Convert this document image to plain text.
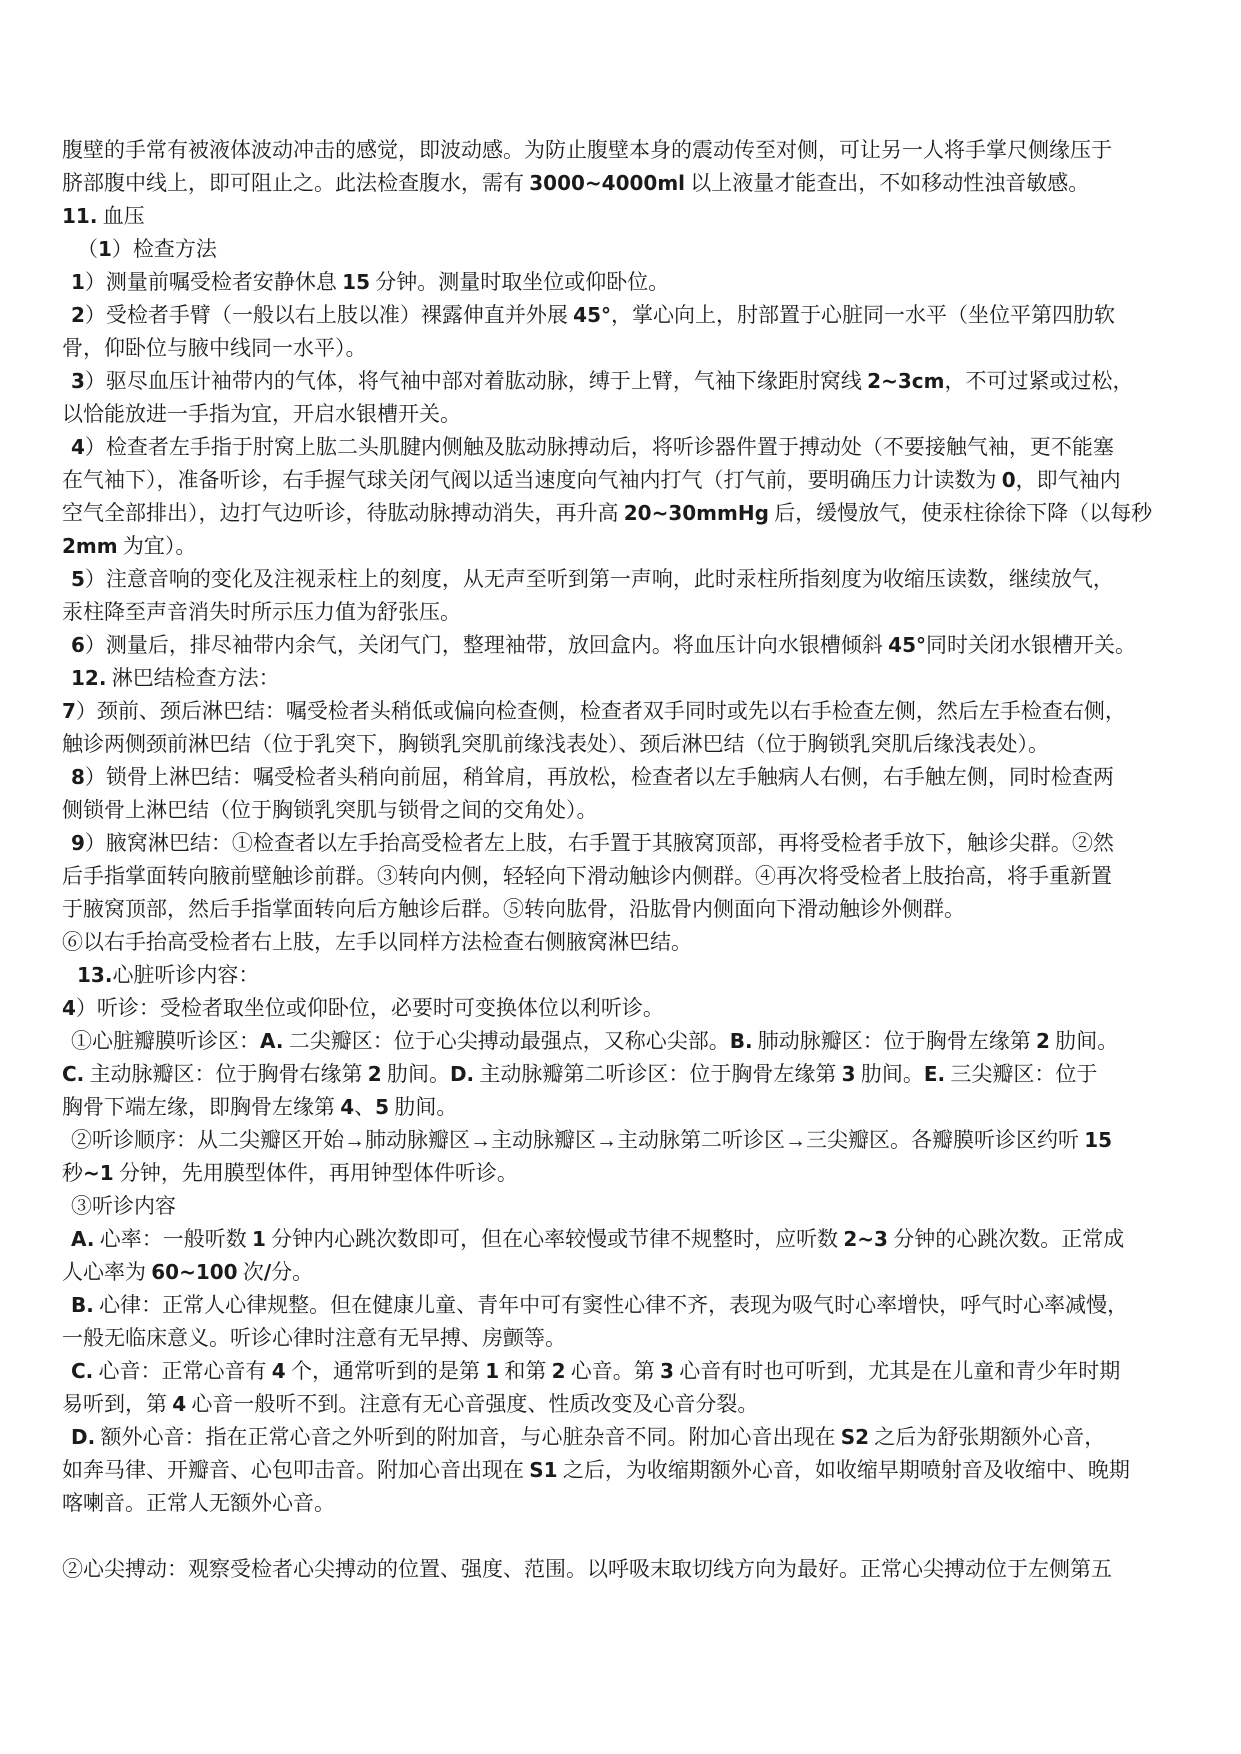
腹壁的手常有被液体波动冲击的感觉，即波动感。为防止腹壁本身的震动传至对侧，可让另一人将手掌尺侧缘压于
脐部腹中线上，即可阻止之。此法检查腹水，需有 3000~4000ml 以上液量才能查出，不如移动性浊音敏感。
11. 血压
（1）检查方法
1）测量前嘱受检者安静休息 15 分钟。测量时取坐位或仰卧位。
2）受检者手臂（一般以右上肢以准）裸露伸直并外展 45°，掌心向上，肘部置于心脏同一水平（坐位平第四肋软
骨，仰卧位与腋中线同一水平）。
3）驱尽血压计袖带内的气体，将气袖中部对着肱动脉，缚于上臂，气袖下缘距肘窝线 2~3cm，不可过紧或过松，
以恰能放进一手指为宜，开启水银槽开关。
4）检查者左手指于肘窝上肱二头肌腱内侧触及肱动脉搏动后，将听诊器件置于搏动处（不要接触气袖，更不能塞
在气袖下），准备听诊，右手握气球关闭气阀以适当速度向气袖内打气（打气前，要明确压力计读数为 0，即气袖内
空气全部排出），边打气边听诊，待肱动脉搏动消失，再升高 20~30mmHg 后，缓慢放气，使汞柱徐徐下降（以每秒
2mm 为宜）。
5）注意音响的变化及注视汞柱上的刻度，从无声至听到第一声响，此时汞柱所指刻度为收缩压读数，继续放气，
汞柱降至声音消失时所示压力值为舒张压。
6）测量后，排尽袖带内余气，关闭气门，整理袖带，放回盒内。将血压计向水银槽倾斜 45°同时关闭水银槽开关。
12. 淋巴结检查方法：
7）颈前、颈后淋巴结：嘱受检者头稍低或偏向检查侧，检查者双手同时或先以右手检查左侧，然后左手检查右侧，
触诊两侧颈前淋巴结（位于乳突下，胸锁乳突肌前缘浅表处）、颈后淋巴结（位于胸锁乳突肌后缘浅表处）。
8）锁骨上淋巴结：嘱受检者头稍向前屈，稍耸肩，再放松，检查者以左手触病人右侧，右手触左侧，同时检查两
侧锁骨上淋巴结（位于胸锁乳突肌与锁骨之间的交角处）。
9）腋窝淋巴结：①检查者以左手抬高受检者左上肢，右手置于其腋窝顶部，再将受检者手放下，触诊尖群。②然
后手指掌面转向腋前壁触诊前群。③转向内侧，轻轻向下滑动触诊内侧群。④再次将受检者上肢抬高，将手重新置
于腋窝顶部，然后手指掌面转向后方触诊后群。⑤转向肱骨，沿肱骨内侧面向下滑动触诊外侧群。
⑥以右手抬高受检者右上肢，左手以同样方法检查右侧腋窝淋巴结。
13.心脏听诊内容：
4）听诊：受检者取坐位或仰卧位，必要时可变换体位以利听诊。
①心脏瓣膜听诊区：A. 二尖瓣区：位于心尖搏动最强点，又称心尖部。B. 肺动脉瓣区：位于胸骨左缘第 2 肋间。
C. 主动脉瓣区：位于胸骨右缘第 2 肋间。D. 主动脉瓣第二听诊区：位于胸骨左缘第 3 肋间。E. 三尖瓣区：位于
胸骨下端左缘，即胸骨左缘第 4、5 肋间。
②听诊顺序：从二尖瓣区开始→肺动脉瓣区→主动脉瓣区→主动脉第二听诊区→三尖瓣区。各瓣膜听诊区约听 15
秒~1 分钟，先用膜型体件，再用钟型体件听诊。
③听诊内容
A. 心率：一般听数 1 分钟内心跳次数即可，但在心率较慢或节律不规整时，应听数 2~3 分钟的心跳次数。正常成
人心率为 60~100 次/分。
B. 心律：正常人心律规整。但在健康儿童、青年中可有窦性心律不齐，表现为吸气时心率增快，呼气时心率减慢，
一般无临床意义。听诊心律时注意有无早搏、房颤等。
C. 心音：正常心音有 4 个，通常听到的是第 1 和第 2 心音。第 3 心音有时也可听到，尤其是在儿童和青少年时期
易听到，第 4 心音一般听不到。注意有无心音强度、性质改变及心音分裂。
D. 额外心音：指在正常心音之外听到的附加音，与心脏杂音不同。附加心音出现在 S2 之后为舒张期额外心音，
如奔马律、开瓣音、心包叩击音。附加心音出现在 S1 之后，为收缩期额外心音，如收缩早期喷射音及收缩中、晚期
喀喇音。正常人无额外心音。
②心尖搏动：观察受检者心尖搏动的位置、强度、范围。以呼吸末取切线方向为最好。正常心尖搏动位于左侧第五
